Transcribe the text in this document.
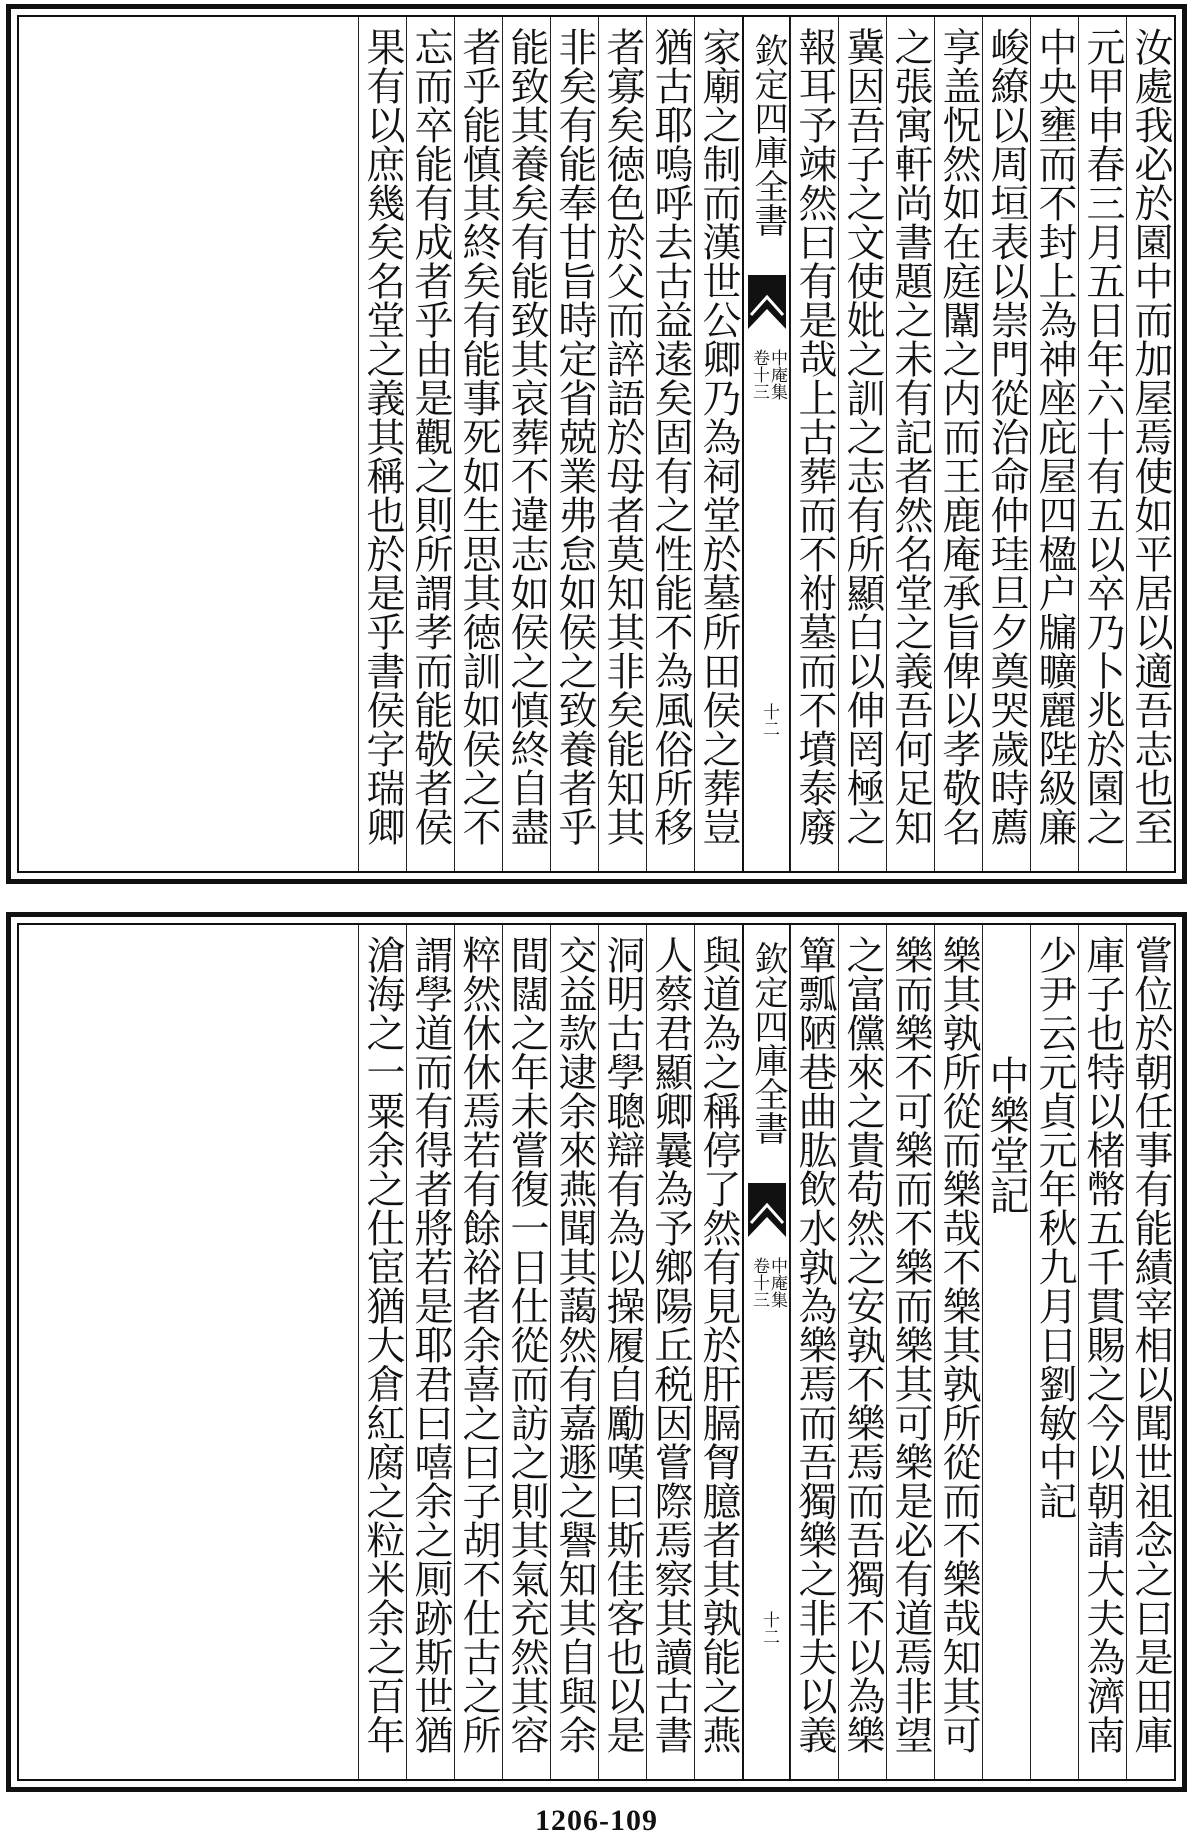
汝處我必於園中而加屋焉使如平居以適吾志也至
元甲申春三月五日年六十有五以卒乃卜兆於園之
中央壅而不封上為神座庇屋四楹户牖曠麗陛級廉
峻繚以周垣表以崇門從治命仲珪旦夕奠哭歲時薦
享盖怳然如在庭闈之内而王鹿庵承旨俾以孝敬名
之張寓軒尚書題之未有記者然名堂之義吾何足知
冀因吾子之文使妣之訓之志有所顯白以伸罔極之
報耳予竦然曰有是哉上古葬而不祔墓而不墳泰廢
欽定四庫全書
中庵集
卷十三
十二
家廟之制而漢世公卿乃為祠堂於墓所田侯之葬豈
猶古耶嗚呼去古益逺矣固有之性能不為風俗所移
者寡矣徳色於父而誶語於母者莫知其非矣能知其
非矣有能奉甘旨時定省兢業弗怠如侯之致養者乎
能致其養矣有能致其哀葬不違志如侯之慎終自盡
者乎能慎其終矣有能事死如生思其徳訓如侯之不
忘而卒能有成者乎由是觀之則所謂孝而能敬者侯
果有以庶幾矣名堂之義其稱也於是乎書侯字瑞卿
嘗位於朝任事有能績宰相以聞世祖念之曰是田庫
庫子也特以楮幣五千貫賜之今以朝請大夫為濟南
少尹云元貞元年秋九月日劉敏中記
中樂堂記
樂其孰所從而樂哉不樂其孰所從而不樂哉知其可
樂而樂不可樂而不樂而樂其可樂是必有道焉非望
之富儻來之貴苟然之安孰不樂焉而吾獨不以為樂
簞瓢陋巷曲肱飲水孰為樂焉而吾獨樂之非夫以義
欽定四庫全書
中庵集
卷十三
十二
與道為之稱停了然有見於肝膈胷臆者其孰能之燕
人蔡君顯卿曩為予鄉陽丘税因嘗際焉察其讀古書
洞明古學聰辯有為以操履自勵嘆曰斯佳客也以是
交益款逮余來燕聞其藹然有嘉遯之譽知其自與余
間闊之年未嘗復一日仕從而訪之則其氣充然其容
粹然休休焉若有餘裕者余喜之曰子胡不仕古之所
謂學道而有得者將若是耶君曰嘻余之厠跡斯世猶
滄海之一粟余之仕宦猶大倉紅腐之粒米余之百年
1206-109
